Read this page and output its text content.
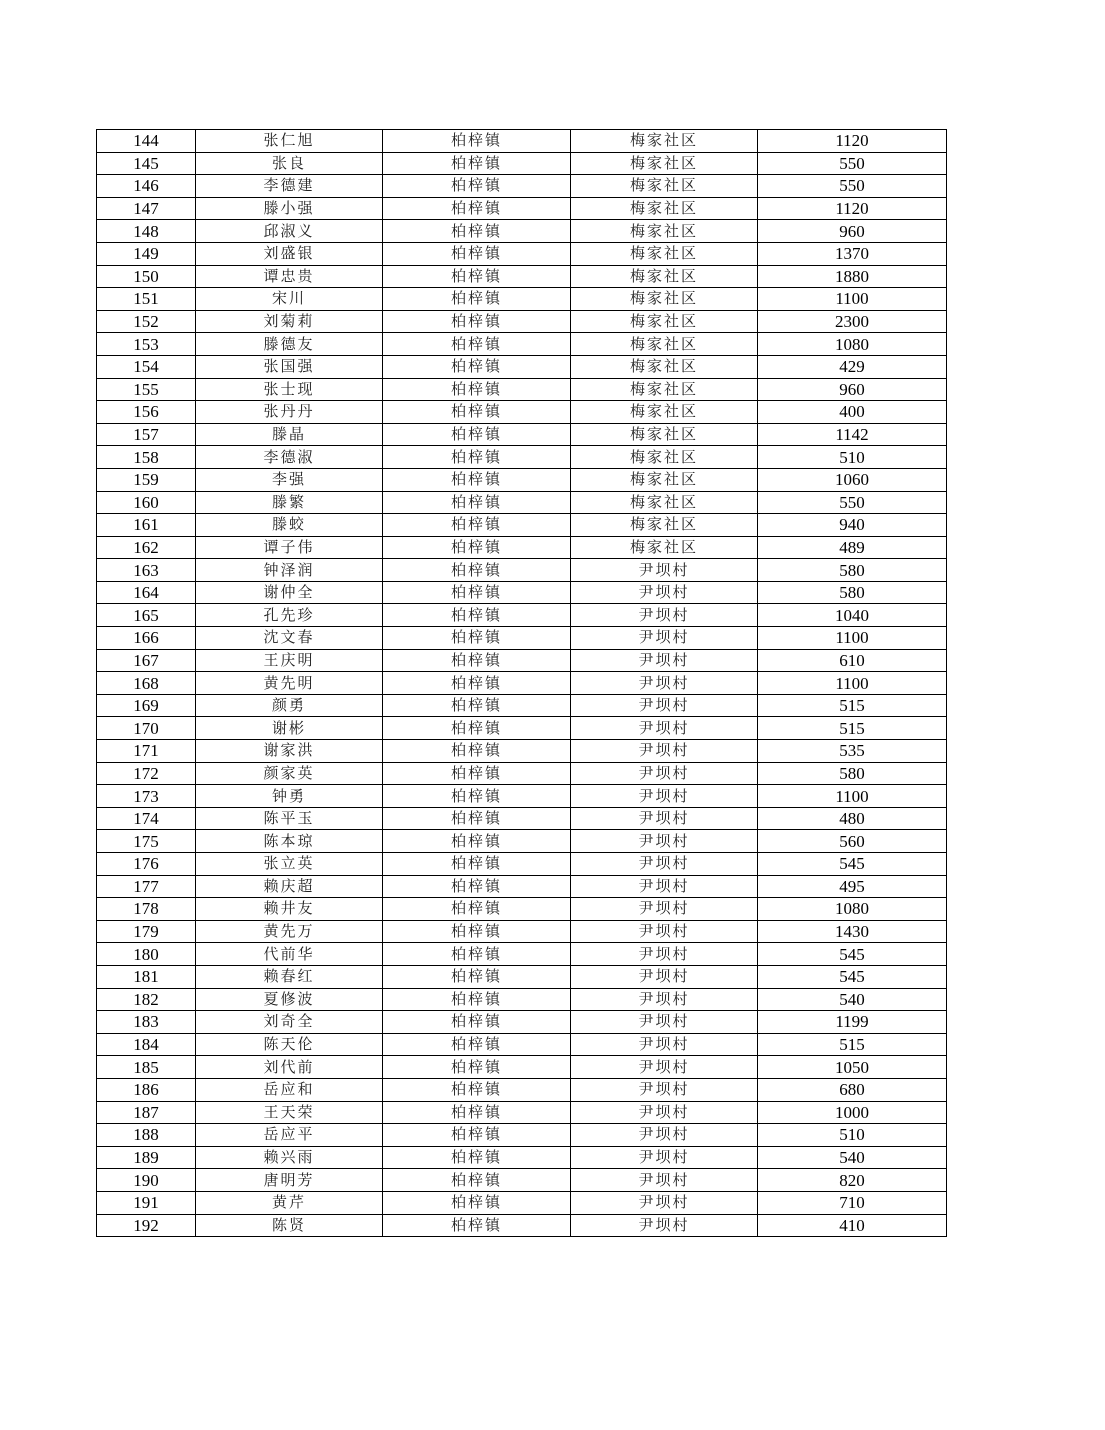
144	张仁旭	柏梓镇	梅家社区	1120
145	张良	柏梓镇	梅家社区	550
146	李德建	柏梓镇	梅家社区	550
147	滕小强	柏梓镇	梅家社区	1120
148	邱淑义	柏梓镇	梅家社区	960
149	刘盛银	柏梓镇	梅家社区	1370
150	谭忠贵	柏梓镇	梅家社区	1880
151	宋川	柏梓镇	梅家社区	1100
152	刘菊莉	柏梓镇	梅家社区	2300
153	滕德友	柏梓镇	梅家社区	1080
154	张国强	柏梓镇	梅家社区	429
155	张士现	柏梓镇	梅家社区	960
156	张丹丹	柏梓镇	梅家社区	400
157	滕晶	柏梓镇	梅家社区	1142
158	李德淑	柏梓镇	梅家社区	510
159	李强	柏梓镇	梅家社区	1060
160	滕繁	柏梓镇	梅家社区	550
161	滕蛟	柏梓镇	梅家社区	940
162	谭子伟	柏梓镇	梅家社区	489
163	钟泽润	柏梓镇	尹坝村	580
164	谢仲全	柏梓镇	尹坝村	580
165	孔先珍	柏梓镇	尹坝村	1040
166	沈文春	柏梓镇	尹坝村	1100
167	王庆明	柏梓镇	尹坝村	610
168	黄先明	柏梓镇	尹坝村	1100
169	颜勇	柏梓镇	尹坝村	515
170	谢彬	柏梓镇	尹坝村	515
171	谢家洪	柏梓镇	尹坝村	535
172	颜家英	柏梓镇	尹坝村	580
173	钟勇	柏梓镇	尹坝村	1100
174	陈平玉	柏梓镇	尹坝村	480
175	陈本琼	柏梓镇	尹坝村	560
176	张立英	柏梓镇	尹坝村	545
177	赖庆超	柏梓镇	尹坝村	495
178	赖井友	柏梓镇	尹坝村	1080
179	黄先万	柏梓镇	尹坝村	1430
180	代前华	柏梓镇	尹坝村	545
181	赖春红	柏梓镇	尹坝村	545
182	夏修波	柏梓镇	尹坝村	540
183	刘奇全	柏梓镇	尹坝村	1199
184	陈天伦	柏梓镇	尹坝村	515
185	刘代前	柏梓镇	尹坝村	1050
186	岳应和	柏梓镇	尹坝村	680
187	王天荣	柏梓镇	尹坝村	1000
188	岳应平	柏梓镇	尹坝村	510
189	赖兴雨	柏梓镇	尹坝村	540
190	唐明芳	柏梓镇	尹坝村	820
191	黄芹	柏梓镇	尹坝村	710
192	陈贤	柏梓镇	尹坝村	410
